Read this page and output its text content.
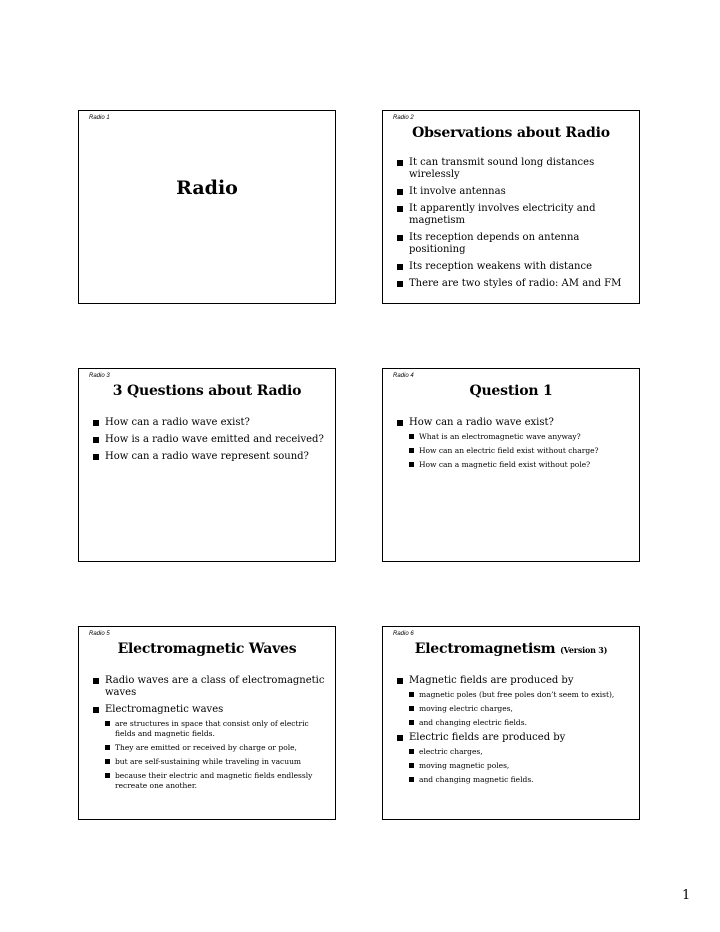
Radio 1
Radio
Radio 2
Observations about Radio
It can transmit sound long distances wirelessly
It involve antennas
It apparently involves electricity and magnetism
Its reception depends on antenna positioning
Its reception weakens with distance
There are two styles of radio: AM and FM
Radio 3
3 Questions about Radio
How can a radio wave exist?
How is a radio wave emitted and received?
How can a radio wave represent sound?
Radio 4
Question 1
How can a radio wave exist?
What is an electromagnetic wave anyway?
How can an electric field exist without charge?
How can a magnetic field exist without pole?
Radio 5
Electromagnetic Waves
Radio waves are a class of electromagnetic waves
Electromagnetic waves
are structures in space that consist only of electric fields and magnetic fields.
They are emitted or received by charge or pole,
but are self-sustaining while traveling in vacuum
because their electric and magnetic fields endlessly recreate one another.
Radio 6
Electromagnetism (Version 3)
Magnetic fields are produced by
magnetic poles (but free poles don’t seem to exist),
moving electric charges,
and changing electric fields.
Electric fields are produced by
electric charges,
moving magnetic poles,
and changing magnetic fields.
1
